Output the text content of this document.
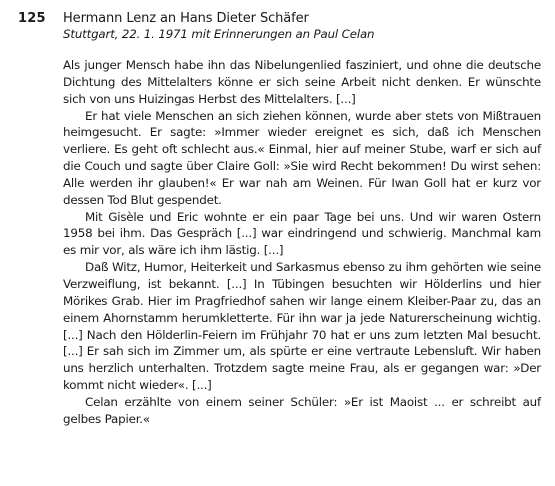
125	Hermann Lenz an Hans Dieter Schäfer
Stuttgart, 22. 1. 1971 mit Erinnerungen an Paul Celan

Als junger Mensch habe ihn das Nibelungenlied fasziniert, und ohne die deutsche Dichtung des Mittelalters könne er sich seine Arbeit nicht denken. Er wünschte sich von uns Huizingas Herbst des Mittelalters. [...]

Er hat viele Menschen an sich ziehen können, wurde aber stets von Mißtrauen heimgesucht. Er sagte: »Immer wieder ereignet es sich, daß ich Menschen verliere. Es geht oft schlecht aus.« Einmal, hier auf meiner Stube, warf er sich auf die Couch und sagte über Claire Goll: »Sie wird Recht bekommen! Du wirst sehen: Alle werden ihr glauben!« Er war nah am Weinen. Für Iwan Goll hat er kurz vor dessen Tod Blut gespendet.

Mit Gisèle und Eric wohnte er ein paar Tage bei uns. Und wir waren Ostern 1958 bei ihm. Das Gespräch [...] war eindringend und schwierig. Manchmal kam es mir vor, als wäre ich ihm lästig. [...]

Daß Witz, Humor, Heiterkeit und Sarkasmus ebenso zu ihm gehörten wie seine Verzweiflung, ist bekannt. [...] In Tübingen besuchten wir Hölderlins und hier Mörikes Grab. Hier im Pragfriedhof sahen wir lange einem Kleiber-Paar zu, das an einem Ahornstamm herumkletterte. Für ihn war ja jede Naturerscheinung wichtig. [...] Nach den Hölderlin-Feiern im Frühjahr 70 hat er uns zum letzten Mal besucht. [...] Er sah sich im Zimmer um, als spürte er eine vertraute Lebensluft. Wir haben uns herzlich unterhalten. Trotzdem sagte meine Frau, als er gegangen war: »Der kommt nicht wieder«. [...]

Celan erzählte von einem seiner Schüler: »Er ist Maoist ... er schreibt auf gelbes Papier.«
